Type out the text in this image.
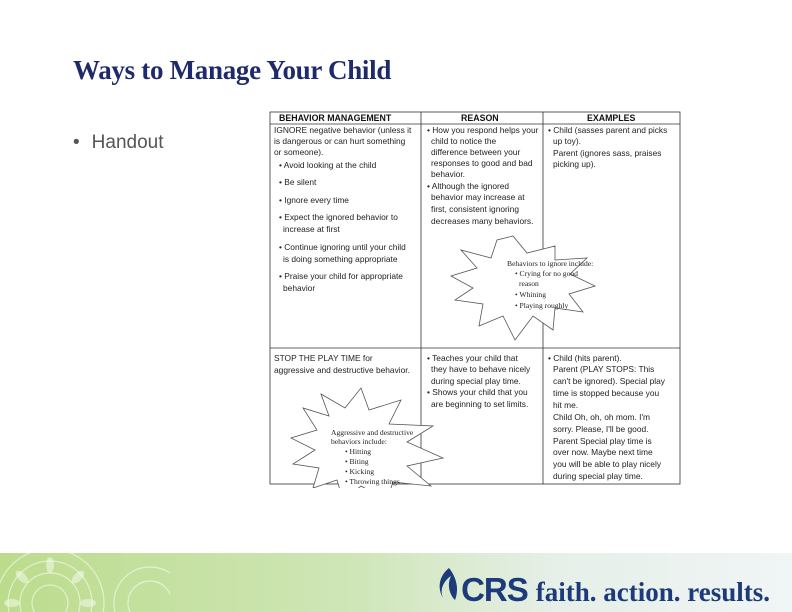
Ways to Manage Your Child
• Handout
BEHAVIOR MANAGEMENT	REASON	EXAMPLES
IGNORE negative behavior (unless it
is dangerous or can hurt something
or someone).
• Avoid looking at the child
• Be silent
• Ignore every time
• Expect the ignored behavior to
increase at first
• Continue ignoring until your child
is doing something appropriate
• Praise your child for appropriate
behavior
• How you respond helps your
child to notice the
difference between your
responses to good and bad
behavior.
• Although the ignored
behavior may increase at
first, consistent ignoring
decreases many behaviors.
• Child (sasses parent and picks
up toy).
Parent (ignores sass, praises
picking up).
Behaviors to ignore include:
• Crying for no good
reason
• Whining
• Playing roughly
STOP THE PLAY TIME for
aggressive and destructive behavior.
• Teaches your child that
they have to behave nicely
during special play time.
• Shows your child that you
are beginning to set limits.
• Child (hits parent).
Parent (PLAY STOPS: This
can't be ignored). Special play
time is stopped because you
hit me.
Child Oh, oh, oh mom. I'm
sorry. Please, I'll be good.
Parent Special play time is
over now. Maybe next time
you will be able to play nicely
during special play time.
Aggressive and destructive
behaviors include:
• Hitting
• Biting
• Kicking
• Throwing things
CRS faith. action. results.
